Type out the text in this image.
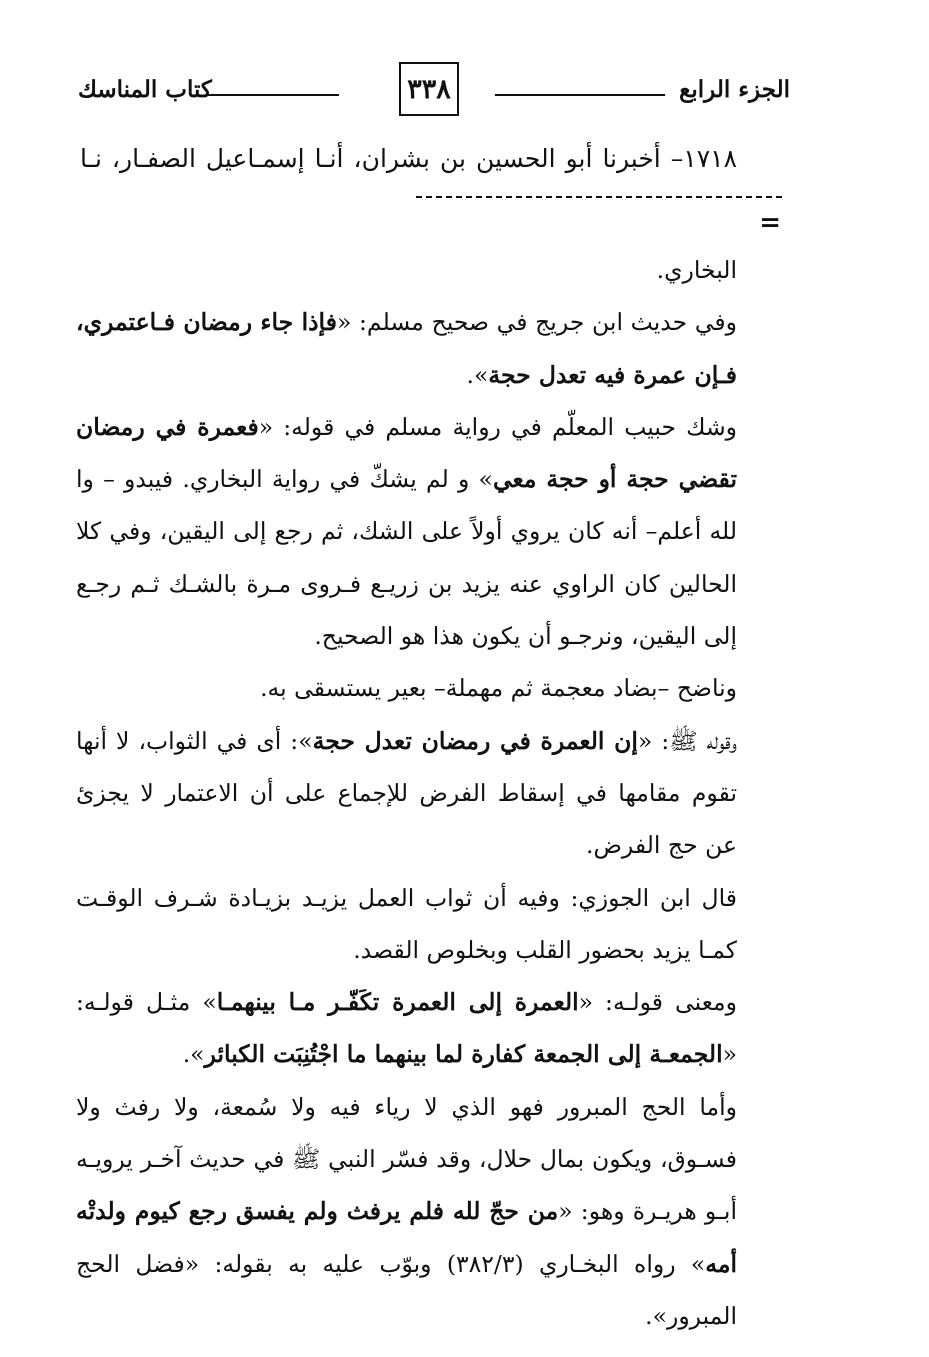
الجزء الرابع
٣٣٨
كتاب المناسك
١٧١٨– أخبرنا أبو الحسين بن بشران، أنـا إسمـاعيل الصفـار، نـا
=

البخاري.

وفي حديث ابن جريج في صحيح مسلم: «فإذا جاء رمضان فـاعتمري، فـإن عمرة فيه تعدل حجة».

وشك حبيب المعلّم في رواية مسلم في قوله: «فعمرة في رمضان تقضي حجة أو حجة معي» و لم يشكّ في رواية البخاري. فيبدو – وا لله أعلم– أنه كان يروي أولاً على الشك، ثم رجع إلى اليقين، وفي كلا الحالين كان الراوي عنه يزيد بن زريـع فـروى مـرة بالشـك ثـم رجـع إلى اليقين، ونرجـو أن يكون هذا هو الصحيح.

وناضح –بضاد معجمة ثم مهملة– بعير يستسقى به.

وقوله ﷺ: «إن العمرة في رمضان تعدل حجة»: أى في الثواب، لا أنها تقوم مقامها في إسقاط الفرض للإجماع على أن الاعتمار لا يجزئ عن حج الفرض.

قال ابن الجوزي: وفيه أن ثواب العمل يزيـد بزيـادة شـرف الوقـت كمـا يزيد بحضور القلب وبخلوص القصد.

ومعنى قولـه: «العمرة إلى العمرة تكَفّـر مـا بينهمـا» مثـل قولـه: «الجمعـة إلى الجمعة كفارة لما بينهما ما اجْتُنِبَت الكبائر».

وأما الحج المبرور فهو الذي لا رياء فيه ولا سُمعة، ولا رفث ولا فسـوق، ويكون بمال حلال، وقد فسّر النبي ﷺ في حديث آخـر يرويـه أبـو هريـرة وهو: «من حجّ لله فلم يرفث ولم يفسق رجع كيوم ولدتْه أمه» رواه البخـاري (٣٨٢/٣) وبوّب عليه به بقوله: «فضل الحج المبرور».
